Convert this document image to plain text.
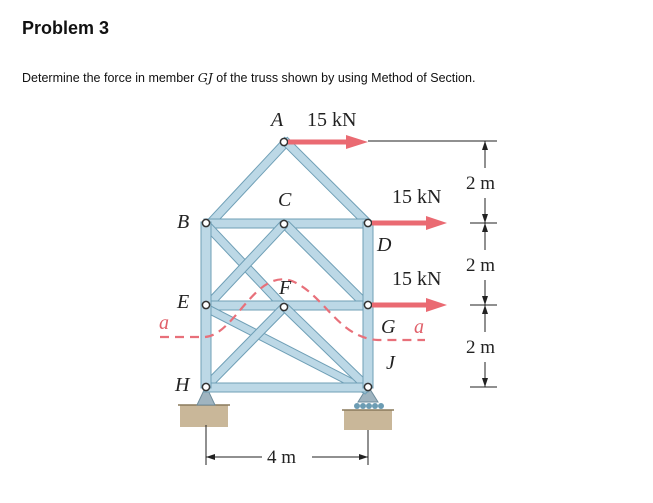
Problem 3
Determine the force in member GJ of the truss shown by using Method of Section.
A
B
C
D
E
F
G
H
J
a	a
15 kN
15 kN
15 kN
2 m
2 m
2 m
4 m
